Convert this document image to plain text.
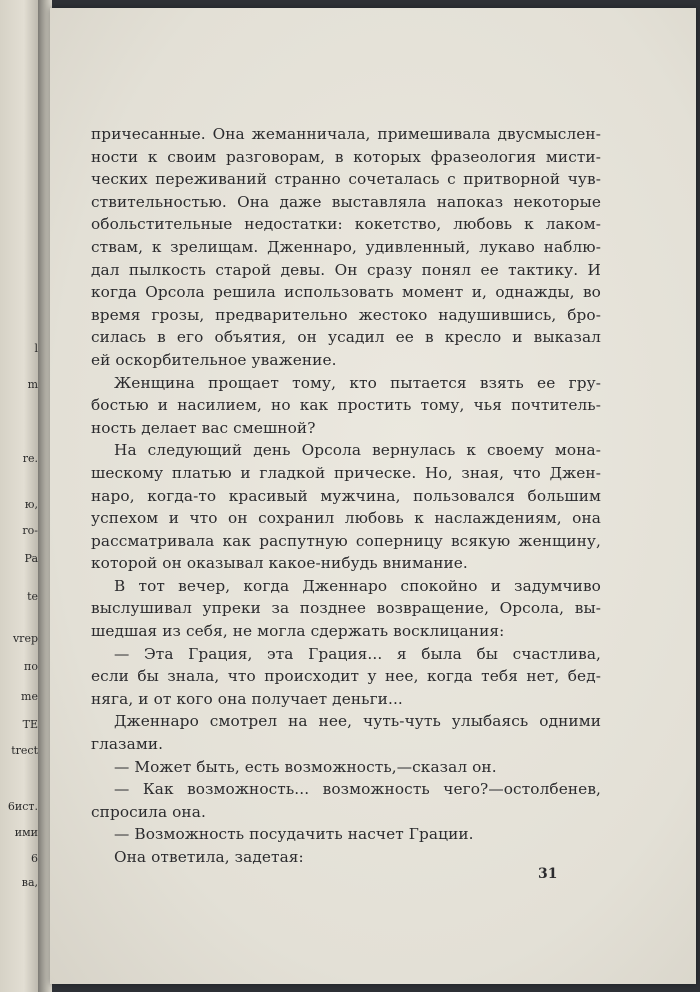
l
m
re.
ю,
ro-
Pa
te
vrep
по
me
TE
trect
6ист.
ими
6
ва,

причесанные. Она жеманничала, примешивала двусмыслен-
ности к своим разговорам, в которых фразеология мисти-
ческих переживаний странно сочеталась с притворной чув-
ствительностью. Она даже выставляла напоказ некоторые
обольстительные недостатки: кокетство, любовь к лаком-
ствам, к зрелищам. Дженнаро, удивленный, лукаво наблю-
дал пылкость старой девы. Он сразу понял ее тактику. И
когда Орсола решила использовать момент и, однажды, во
время грозы, предварительно жестоко надушившись, бро-
силась в его объятия, он усадил ее в кресло и выказал
ей оскорбительное уважение.

Женщина прощает тому, кто пытается взять ее гру-
бостью и насилием, но как простить тому, чья почтитель-
ность делает вас смешной?

На следующий день Орсола вернулась к своему мона-
шескому платью и гладкой прическе. Но, зная, что Джен-
наро, когда-то красивый мужчина, пользовался большим
успехом и что он сохранил любовь к наслаждениям, она
рассматривала как распутную соперницу всякую женщину,
которой он оказывал какое-нибудь внимание.

В тот вечер, когда Дженнаро спокойно и задумчиво
выслушивал упреки за позднее возвращение, Орсола, вы-
шедшая из себя, не могла сдержать восклицания:

— Эта Грация, эта Грация... я была бы счастлива,
если бы знала, что происходит у нее, когда тебя нет, бед-
няга, и от кого она получает деньги...

Дженнаро смотрел на нее, чуть-чуть улыбаясь одними
глазами.

— Может быть, есть возможность,—сказал он.

— Как возможность... возможность чего?—остолбенев,
спросила она.

— Возможность посудачить насчет Грации.

Она ответила, задетая:

31
